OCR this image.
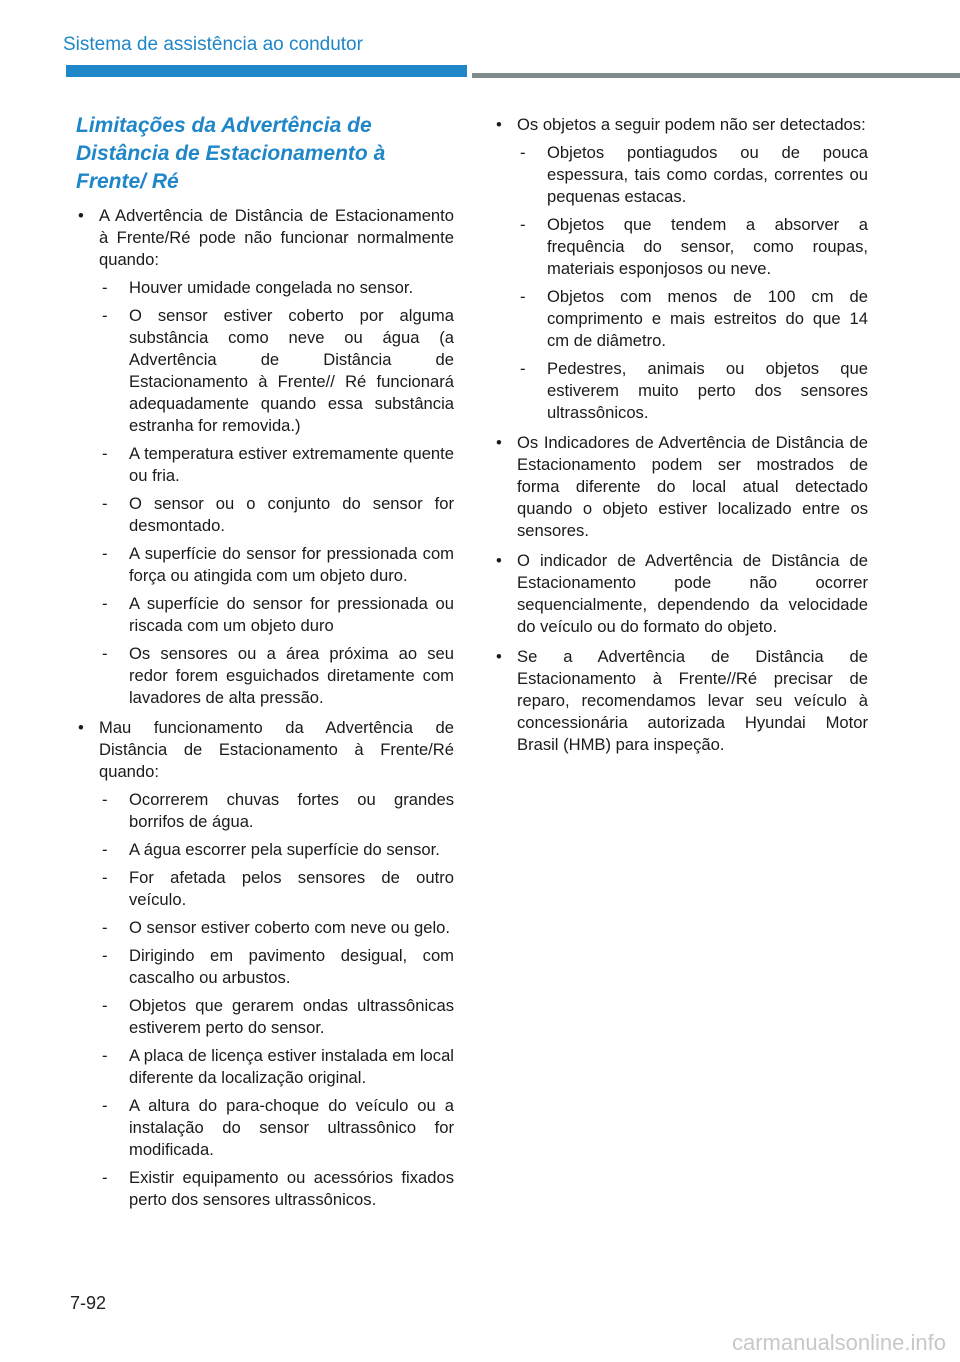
Sistema de assistência ao condutor
Limitações da Advertência de Distância de Estacionamento à Frente/ Ré
• A Advertência de Distância de Estacionamento à Frente/Ré pode não funcionar normalmente quando:
- Houver umidade congelada no sensor.
- O sensor estiver coberto por alguma substância como neve ou água (a Advertência de Distância de Estacionamento à Frente// Ré funcionará adequadamente quando essa substância estranha for removida.)
- A temperatura estiver extremamente quente ou fria.
- O sensor ou o conjunto do sensor for desmontado.
- A superfície do sensor for pressionada com força ou atingida com um objeto duro.
- A superfície do sensor for pressionada ou riscada com um objeto duro
- Os sensores ou a área próxima ao seu redor forem esguichados diretamente com lavadores de alta pressão.
• Mau funcionamento da Advertência de Distância de Estacionamento à Frente/Ré quando:
- Ocorrerem chuvas fortes ou grandes borrifos de água.
- A água escorrer pela superfície do sensor.
- For afetada pelos sensores de outro veículo.
- O sensor estiver coberto com neve ou gelo.
- Dirigindo em pavimento desigual, com cascalho ou arbustos.
- Objetos que gerarem ondas ultrassônicas estiverem perto do sensor.
- A placa de licença estiver instalada em local diferente da localização original.
- A altura do para-choque do veículo ou a instalação do sensor ultrassônico for modificada.
- Existir equipamento ou acessórios fixados perto dos sensores ultrassônicos.
• Os objetos a seguir podem não ser detectados:
- Objetos pontiagudos ou de pouca espessura, tais como cordas, correntes ou pequenas estacas.
- Objetos que tendem a absorver a frequência do sensor, como roupas, materiais esponjosos ou neve.
- Objetos com menos de 100 cm de comprimento e mais estreitos do que 14 cm de diâmetro.
- Pedestres, animais ou objetos que estiverem muito perto dos sensores ultrassônicos.
• Os Indicadores de Advertência de Distância de Estacionamento podem ser mostrados de forma diferente do local atual detectado quando o objeto estiver localizado entre os sensores.
• O indicador de Advertência de Distância de Estacionamento pode não ocorrer sequencialmente, dependendo da velocidade do veículo ou do formato do objeto.
• Se a Advertência de Distância de Estacionamento à Frente//Ré precisar de reparo, recomendamos levar seu veículo à concessionária autorizada Hyundai Motor Brasil (HMB) para inspeção.
7-92
carmanualsonline.info
